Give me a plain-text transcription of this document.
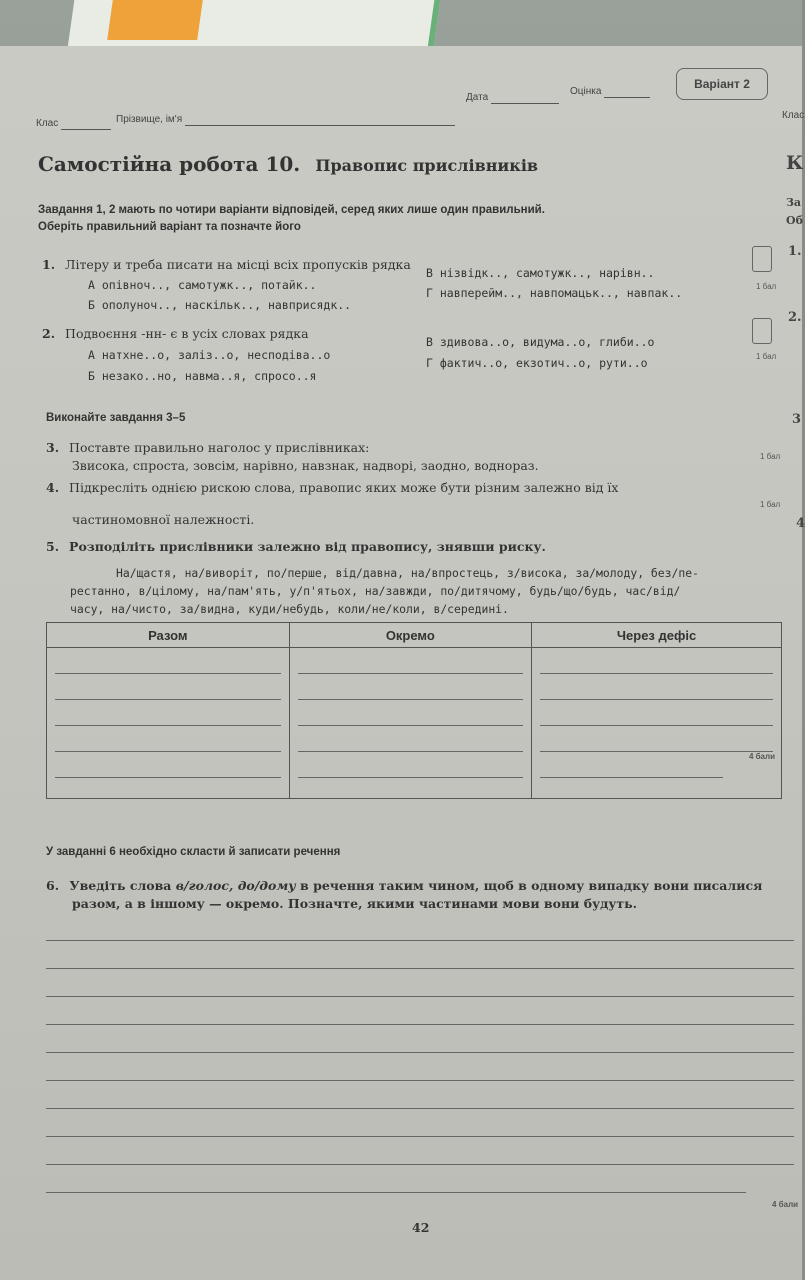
Варіант 2
Клас	Прізвище, ім'я
Дата
Оцінка
Клас
Самостійна робота 10. Правопис прислівників	К
Завдання 1, 2 мають по чотири варіанти відповідей, серед яких лише один правильний.
Оберіть правильний варіант та позначте його
За
Об
1. Літеру и треба писати на місці всіх пропусків рядка
А опівноч.., самотужк.., потайк..
Б ополуноч.., наскільк.., навприсядк..
В нізвідк.., самотужк.., нарівн..
Г навперейм.., навпомацьк.., навпак..	1 бал
1.
2. Подвоєння -нн- є в усіх словах рядка
А натхне..о, заліз..о, несподіва..о
Б незако..но, навма..я, спросо..я
В здивова..о, видума..о, глиби..о
Г фактич..о, екзотич..о, рути..о	1 бал
2.
Виконайте завдання 3–5	3
3. Поставте правильно наголос у прислівниках:
Звисока, спроста, зовсім, нарівно, навзнак, надворі, заодно, воднораз.
1 бал
4. Підкресліть однією рискою слова, правопис яких може бути різним залежно від їх
частиномовної належності.
1 бал
4
5. Розподіліть прислівники залежно від правопису, знявши риску.
На/щастя, на/виворіт, по/перше, від/давна, на/впростець, з/висока, за/молоду, без/пе-
рестанно, в/цілому, на/пам'ять, у/п'ятьох, на/завжди, по/дитячому, будь/що/будь, час/від/
часу, на/чисто, за/видна, куди/небудь, коли/не/коли, в/середині.
Разом	Окремо	Через дефіс

		4 бали
У завданні 6 необхідно скласти й записати речення
6. Уведіть слова в/голос, до/дому в речення таким чином, щоб в одному випадку вони писалися
разом, а в іншому — окремо. Позначте, якими частинами мови вони будуть.
4 бали
42
